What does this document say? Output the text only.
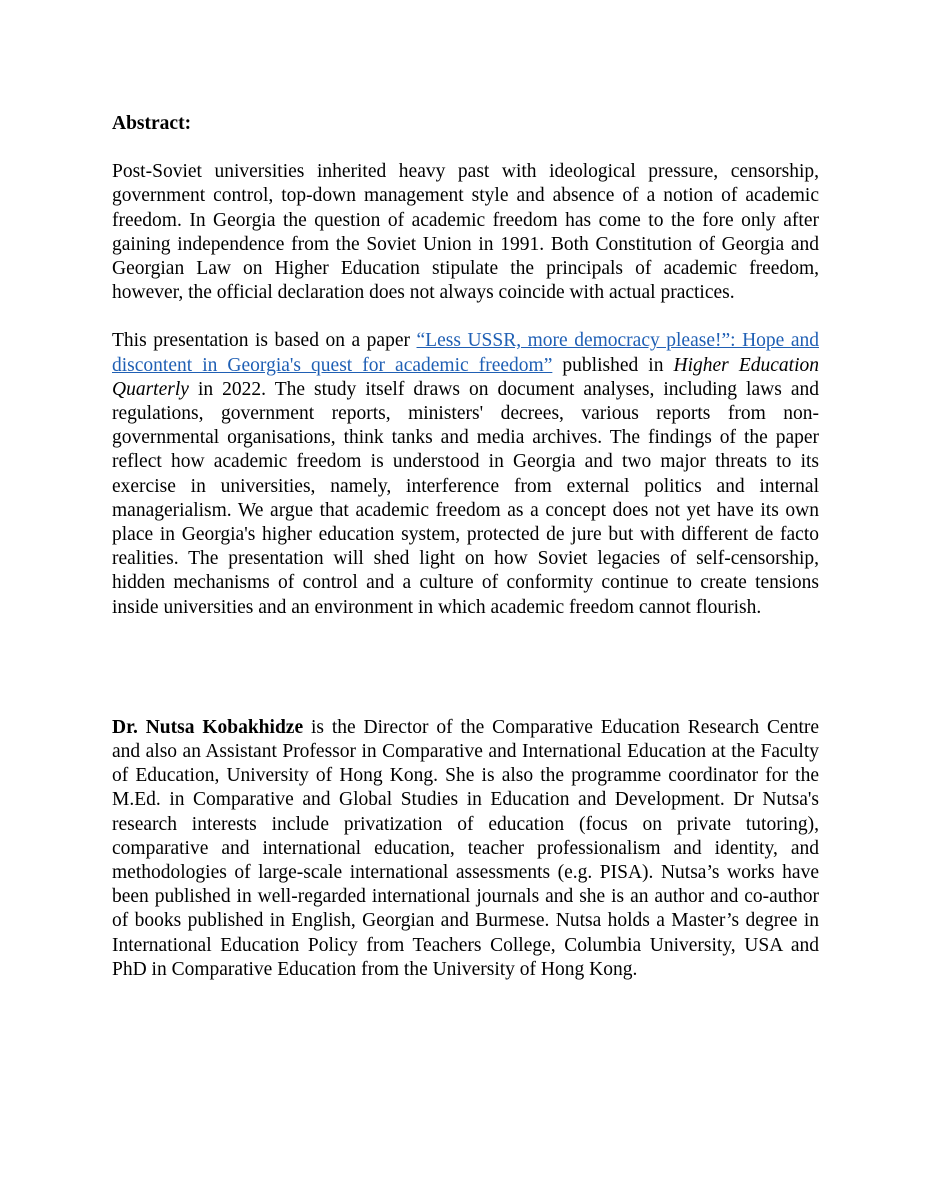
Abstract:

Post-Soviet universities inherited heavy past with ideological pressure, censorship, government control, top-down management style and absence of a notion of academic freedom. In Georgia the question of academic freedom has come to the fore only after gaining independence from the Soviet Union in 1991. Both Constitution of Georgia and Georgian Law on Higher Education stipulate the principals of academic freedom, however, the official declaration does not always coincide with actual practices.

This presentation is based on a paper “Less USSR, more democracy please!”: Hope and discontent in Georgia's quest for academic freedom” published in Higher Education Quarterly in 2022. The study itself draws on document analyses, including laws and regulations, government reports, ministers' decrees, various reports from non-governmental organisations, think tanks and media archives. The findings of the paper reflect how academic freedom is understood in Georgia and two major threats to its exercise in universities, namely, interference from external politics and internal managerialism. We argue that academic freedom as a concept does not yet have its own place in Georgia's higher education system, protected de jure but with different de facto realities. The presentation will shed light on how Soviet legacies of self-censorship, hidden mechanisms of control and a culture of conformity continue to create tensions inside universities and an environment in which academic freedom cannot flourish.

Dr. Nutsa Kobakhidze is the Director of the Comparative Education Research Centre and also an Assistant Professor in Comparative and International Education at the Faculty of Education, University of Hong Kong. She is also the programme coordinator for the M.Ed. in Comparative and Global Studies in Education and Development. Dr Nutsa's research interests include privatization of education (focus on private tutoring), comparative and international education, teacher professionalism and identity, and methodologies of large-scale international assessments (e.g. PISA). Nutsa’s works have been published in well-regarded international journals and she is an author and co-author of books published in English, Georgian and Burmese. Nutsa holds a Master’s degree in International Education Policy from Teachers College, Columbia University, USA and PhD in Comparative Education from the University of Hong Kong.
